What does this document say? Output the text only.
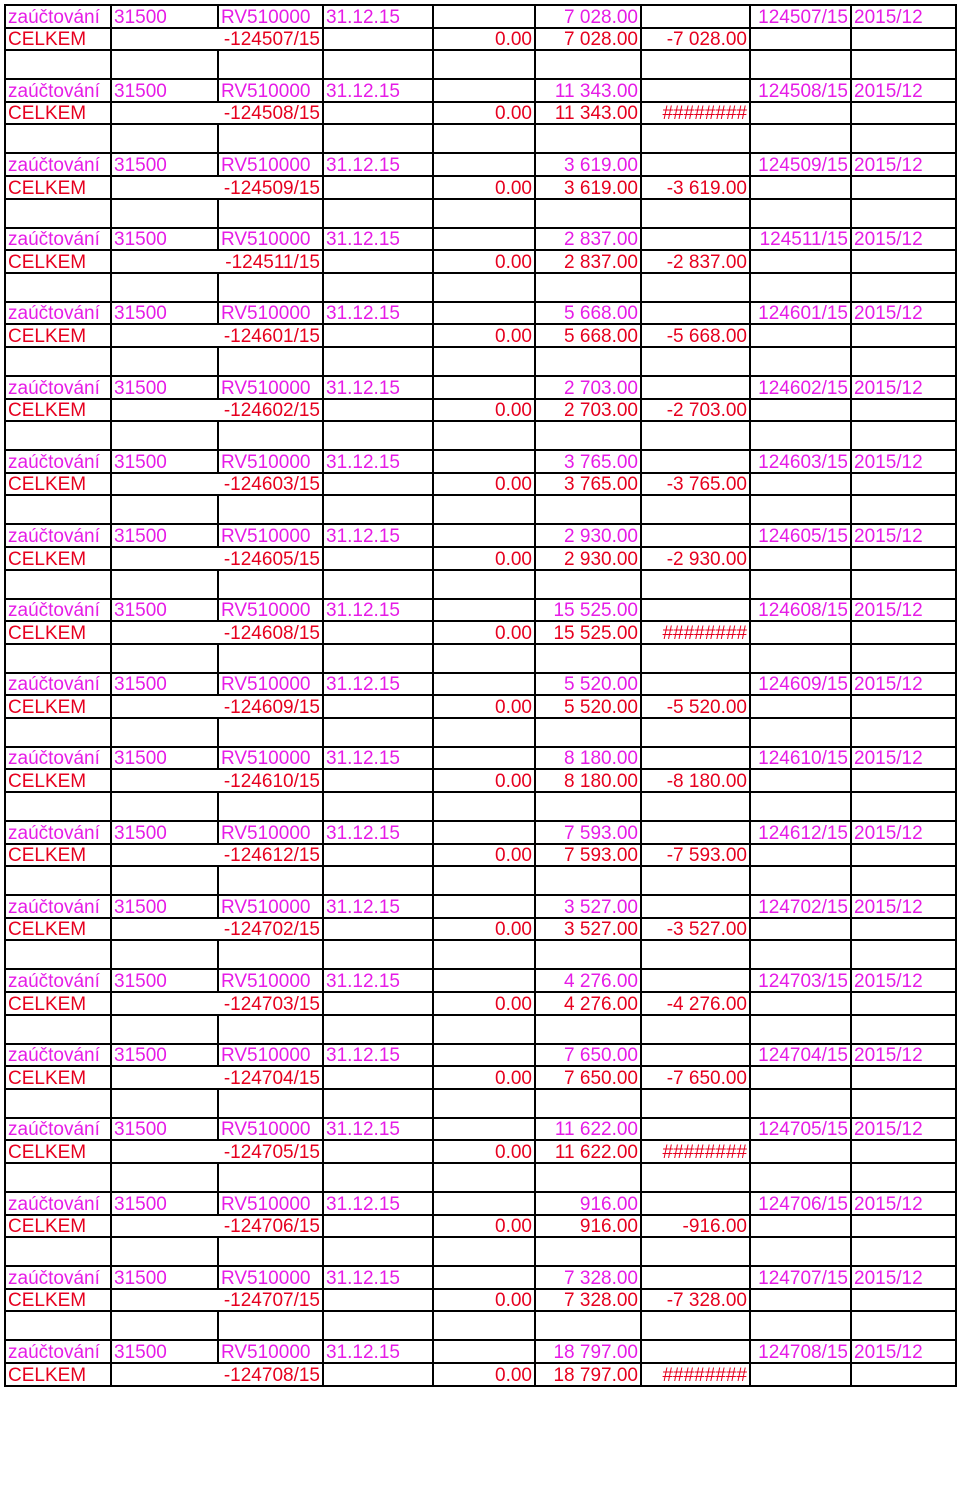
zaúčtování	31500	RV510000	31.12.15		7 028.00		124507/15	2015/12
CELKEM	-124507/15			0.00	7 028.00	-7 028.00		

zaúčtování	31500	RV510000	31.12.15		11 343.00		124508/15	2015/12
CELKEM	-124508/15			0.00	11 343.00	########		

zaúčtování	31500	RV510000	31.12.15		3 619.00		124509/15	2015/12
CELKEM	-124509/15			0.00	3 619.00	-3 619.00		

zaúčtování	31500	RV510000	31.12.15		2 837.00		124511/15	2015/12
CELKEM	-124511/15			0.00	2 837.00	-2 837.00		

zaúčtování	31500	RV510000	31.12.15		5 668.00		124601/15	2015/12
CELKEM	-124601/15			0.00	5 668.00	-5 668.00		

zaúčtování	31500	RV510000	31.12.15		2 703.00		124602/15	2015/12
CELKEM	-124602/15			0.00	2 703.00	-2 703.00		

zaúčtování	31500	RV510000	31.12.15		3 765.00		124603/15	2015/12
CELKEM	-124603/15			0.00	3 765.00	-3 765.00		

zaúčtování	31500	RV510000	31.12.15		2 930.00		124605/15	2015/12
CELKEM	-124605/15			0.00	2 930.00	-2 930.00		

zaúčtování	31500	RV510000	31.12.15		15 525.00		124608/15	2015/12
CELKEM	-124608/15			0.00	15 525.00	########		

zaúčtování	31500	RV510000	31.12.15		5 520.00		124609/15	2015/12
CELKEM	-124609/15			0.00	5 520.00	-5 520.00		

zaúčtování	31500	RV510000	31.12.15		8 180.00		124610/15	2015/12
CELKEM	-124610/15			0.00	8 180.00	-8 180.00		

zaúčtování	31500	RV510000	31.12.15		7 593.00		124612/15	2015/12
CELKEM	-124612/15			0.00	7 593.00	-7 593.00		

zaúčtování	31500	RV510000	31.12.15		3 527.00		124702/15	2015/12
CELKEM	-124702/15			0.00	3 527.00	-3 527.00		

zaúčtování	31500	RV510000	31.12.15		4 276.00		124703/15	2015/12
CELKEM	-124703/15			0.00	4 276.00	-4 276.00		

zaúčtování	31500	RV510000	31.12.15		7 650.00		124704/15	2015/12
CELKEM	-124704/15			0.00	7 650.00	-7 650.00		

zaúčtování	31500	RV510000	31.12.15		11 622.00		124705/15	2015/12
CELKEM	-124705/15			0.00	11 622.00	########		

zaúčtování	31500	RV510000	31.12.15		916.00		124706/15	2015/12
CELKEM	-124706/15			0.00	916.00	-916.00		

zaúčtování	31500	RV510000	31.12.15		7 328.00		124707/15	2015/12
CELKEM	-124707/15			0.00	7 328.00	-7 328.00		

zaúčtování	31500	RV510000	31.12.15		18 797.00		124708/15	2015/12
CELKEM	-124708/15			0.00	18 797.00	########		
